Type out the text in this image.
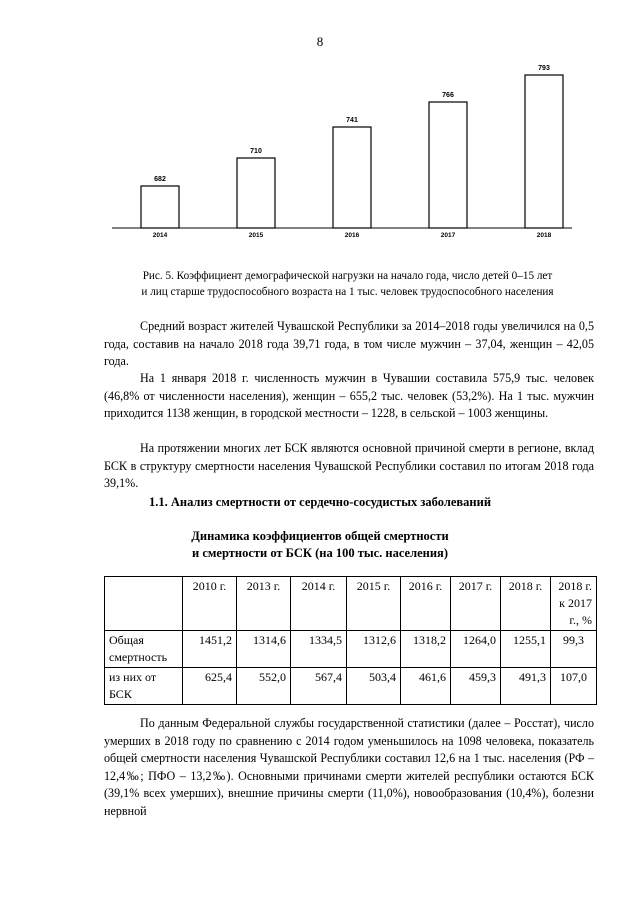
8
682
2014
710
2015
741
2016
766
2017
793
2018
Рис. 5. Коэффициент демографической нагрузки на начало года, число детей 0–15 лет
и лиц старше трудоспособного возраста на 1 тыс. человек трудоспособного населения

Средний возраст жителей Чувашской Республики за 2014–2018 годы увеличился на 0,5 года, составив на начало 2018 года 39,71 года, в том числе мужчин – 37,04, женщин – 42,05 года.

На 1 января 2018 г. численность мужчин в Чувашии составила 575,9 тыс. человек (46,8% от численности населения), женщин – 655,2 тыс. человек (53,2%). На 1 тыс. мужчин приходится 1138 женщин, в городской местности – 1228, в сельской – 1003 женщины.

На протяжении многих лет БСК являются основной причиной смерти в регионе, вклад БСК в структуру смертности населения Чувашской Республики составил по итогам 2018 года 39,1%.

1.1. Анализ смертности от сердечно-сосудистых заболеваний
Динамика коэффициентов общей смертности
и смертности от БСК (на 100 тыс. населения)
	2010 г.	2013 г.	2014 г.	2015 г.	2016 г.	2017 г.	2018 г.	2018 г. к 2017 г., %
Общая смертность	1451,2	1314,6	1334,5	1312,6	1318,2	1264,0	1255,1	99,3

из них от
БСК	625,4	552,0	567,4	503,4	461,6	459,3	491,3	107,0

По данным Федеральной службы государственной статистики (далее – Росстат), число умерших в 2018 году по сравнению с 2014 годом уменьшилось на 1098 человека, показатель общей смертности населения Чувашской Республики составил 12,6 на 1 тыс. населения (РФ – 12,4‰; ПФО – 13,2‰). Основными причинами смерти жителей республики остаются БСК (39,1% всех умерших), внешние причины смерти (11,0%), новообразования (10,4%), болезни нервной
